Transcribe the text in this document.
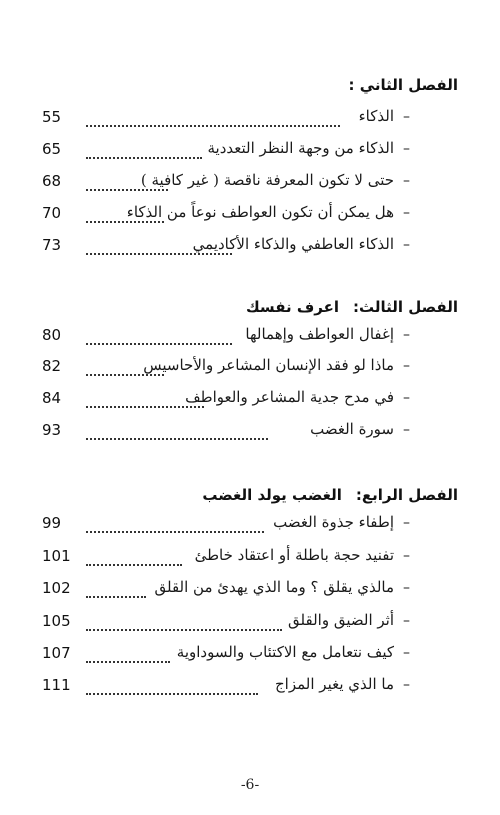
الفصل الثاني :
–
الذكاء
55
–
الذكاء من وجهة النظر التعددية
65
–
حتى لا تكون المعرفة ناقصة ( غير كافية )
68
–
هل يمكن أن تكون العواطف نوعاً من الذكاء
70
–
الذكاء العاطفي والذكاء الأكاديمي
73
الفصل الثالث:اعرف نفسك
–
إغفال العواطف وإهمالها
80
–
ماذا لو فقد الإنسان المشاعر والأحاسيس
82
–
في مدح جدية المشاعر والعواطف
84
–
سورة الغضب
93
الفصل الرابع:الغضب يولد الغضب
–
إطفاء جذوة الغضب
99
–
تفنيد حجة باطلة أو اعتقاد خاطئ
101
–
مالذي يقلق ؟ وما الذي يهدئ من القلق
102
–
أثر الضيق والقلق
105
–
كيف نتعامل مع الاكتئاب والسوداوية
107
–
ما الذي يغير المزاج
111
-6-
